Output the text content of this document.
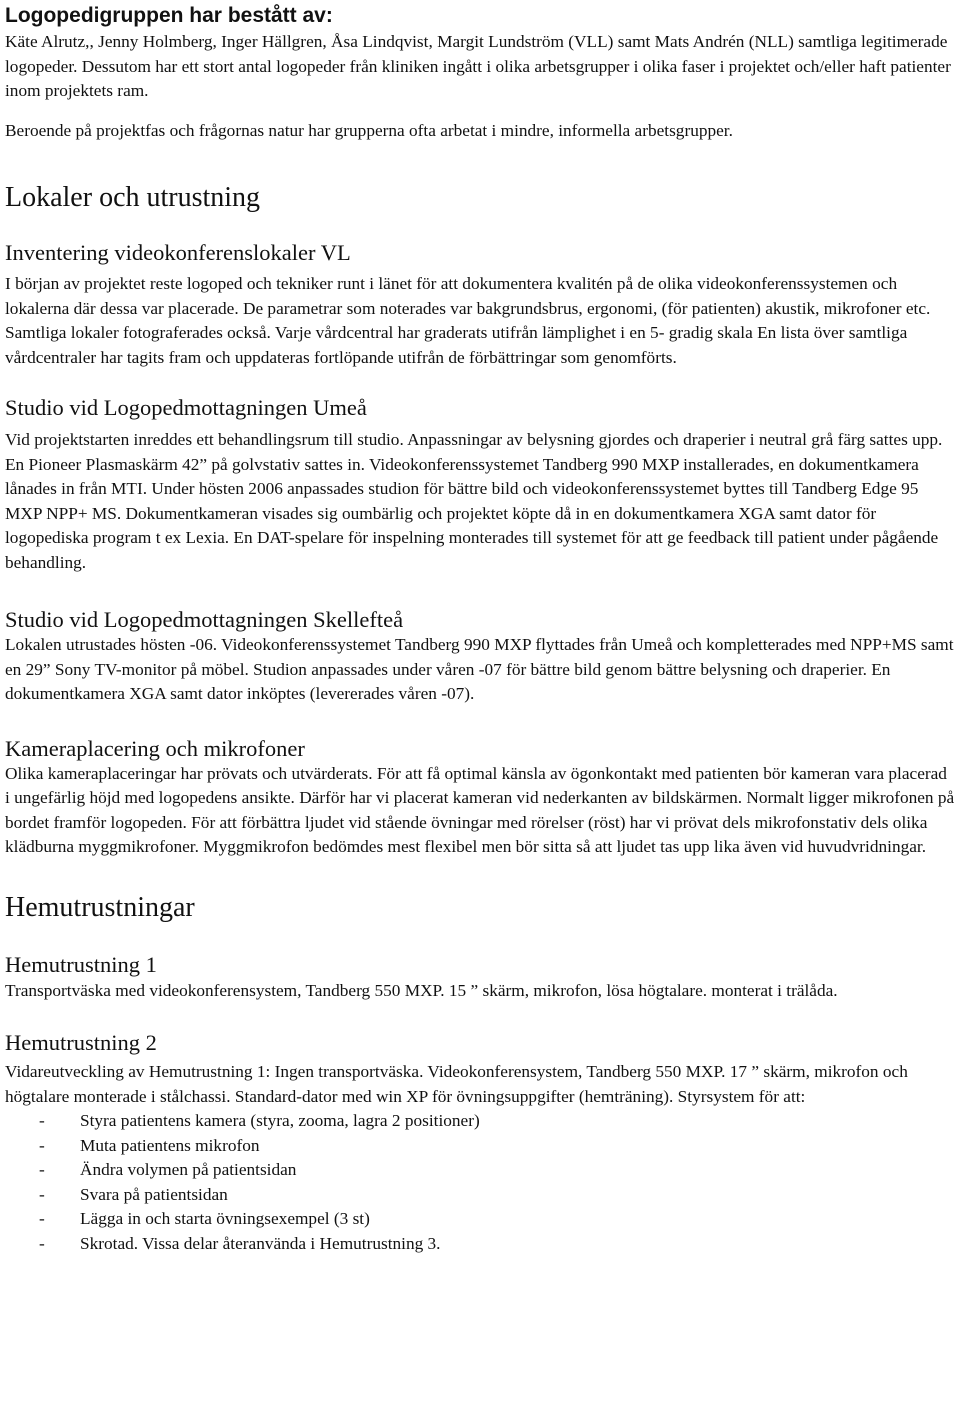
Logopedigruppen har bestått av:

Käte Alrutz,, Jenny Holmberg, Inger Hällgren, Åsa Lindqvist, Margit Lundström (VLL) samt Mats Andrén (NLL) samtliga legitimerade logopeder. Dessutom har ett stort antal logopeder från kliniken ingått i olika arbetsgrupper i olika faser i projektet och/eller haft patienter inom projektets ram.

Beroende på projektfas och frågornas natur har grupperna ofta arbetat i mindre, informella arbetsgrupper.

Lokaler och utrustning
Inventering videokonferenslokaler VL

I början av projektet reste logoped och tekniker runt i länet för att dokumentera kvalitén på de olika videokonferenssystemen och lokalerna där dessa var placerade. De parametrar som noterades var bakgrundsbrus, ergonomi, (för patienten) akustik, mikrofoner etc. Samtliga lokaler fotograferades också. Varje vårdcentral har graderats utifrån lämplighet i en 5- gradig skala En lista över samtliga vårdcentraler har tagits fram och uppdateras fortlöpande utifrån de förbättringar som genomförts.

Studio vid Logopedmottagningen Umeå

Vid projektstarten inreddes ett behandlingsrum till studio. Anpassningar av belysning gjordes och draperier i neutral grå färg sattes upp. En Pioneer Plasmaskärm 42” på golvstativ sattes in. Videokonferenssystemet Tandberg 990 MXP installerades, en dokumentkamera lånades in från MTI. Under hösten 2006 anpassades studion för bättre bild och videokonferenssystemet byttes till Tandberg Edge 95 MXP NPP+ MS. Dokumentkameran visades sig oumbärlig och projektet köpte då in en dokumentkamera XGA samt dator för logopediska program t ex Lexia. En DAT-spelare för inspelning monterades till systemet för att ge feedback till patient under pågående behandling.

Studio vid Logopedmottagningen Skellefteå

Lokalen utrustades hösten -06. Videokonferenssystemet Tandberg 990 MXP flyttades från Umeå och kompletterades med NPP+MS samt en 29” Sony TV-monitor på möbel. Studion anpassades under våren -07 för bättre bild genom bättre belysning och draperier. En dokumentkamera XGA samt dator inköptes (levererades våren -07).

Kameraplacering och mikrofoner

Olika kameraplaceringar har prövats och utvärderats. För att få optimal känsla av ögonkontakt med patienten bör kameran vara placerad i ungefärlig höjd med logopedens ansikte. Därför har vi placerat kameran vid nederkanten av bildskärmen. Normalt ligger mikrofonen på bordet framför logopeden. För att förbättra ljudet vid stående övningar med rörelser (röst) har vi prövat dels mikrofonstativ dels olika klädburna myggmikrofoner. Myggmikrofon bedömdes mest flexibel men bör sitta så att ljudet tas upp lika även vid huvudvridningar.

Hemutrustningar
Hemutrustning 1

Transportväska med videokonferensystem, Tandberg 550 MXP. 15 ” skärm, mikrofon, lösa högtalare. monterat i trälåda.

Hemutrustning 2

Vidareutveckling av Hemutrustning 1: Ingen transportväska. Videokonferensystem, Tandberg 550 MXP. 17 ” skärm, mikrofon och högtalare monterade i stålchassi. Standard-dator med win XP för övningsuppgifter (hemträning). Styrsystem för att:

- Styra patientens kamera (styra, zooma, lagra 2 positioner)
- Muta patientens mikrofon
- Ändra volymen på patientsidan
- Svara på patientsidan
- Lägga in och starta övningsexempel (3 st)
- Skrotad. Vissa delar återanvända i Hemutrustning 3.
